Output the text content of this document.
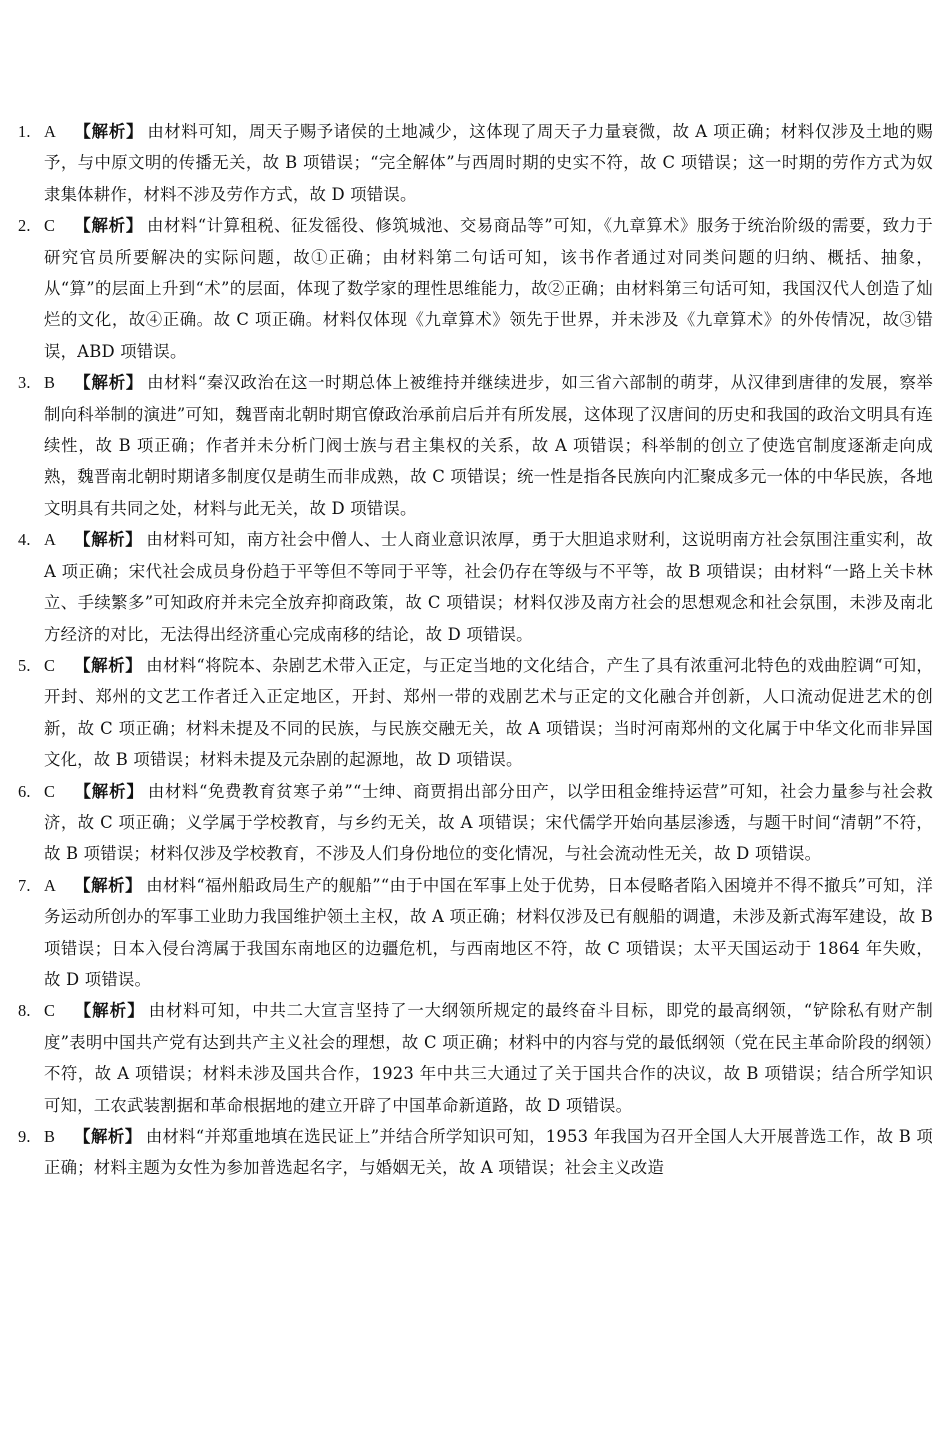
1. A 【解析】 由材料可知，周天子赐予诸侯的土地减少，这体现了周天子力量衰微，故 A 项正确；材料仅涉及土地的赐予，与中原文明的传播无关，故 B 项错误；“完全解体”与西周时期的史实不符，故 C 项错误；这一时期的劳作方式为奴隶集体耕作，材料不涉及劳作方式，故 D 项错误。
2. C 【解析】 由材料“计算租税、征发徭役、修筑城池、交易商品等”可知，《九章算术》服务于统治阶级的需要，致力于研究官员所要解决的实际问题，故①正确；由材料第二句话可知，该书作者通过对同类问题的归纳、概括、抽象，从“算”的层面上升到“术”的层面，体现了数学家的理性思维能力，故②正确；由材料第三句话可知，我国汉代人创造了灿烂的文化，故④正确。故 C 项正确。材料仅体现《九章算术》领先于世界，并未涉及《九章算术》的外传情况，故③错误，ABD 项错误。
3. B 【解析】 由材料“秦汉政治在这一时期总体上被维持并继续进步，如三省六部制的萌芽，从汉律到唐律的发展，察举制向科举制的演进”可知，魏晋南北朝时期官僚政治承前启后并有所发展，这体现了汉唐间的历史和我国的政治文明具有连续性，故 B 项正确；作者并未分析门阀士族与君主集权的关系，故 A 项错误；科举制的创立了使选官制度逐渐走向成熟，魏晋南北朝时期诸多制度仅是萌生而非成熟，故 C 项错误；统一性是指各民族向内汇聚成多元一体的中华民族，各地文明具有共同之处，材料与此无关，故 D 项错误。
4. A 【解析】 由材料可知，南方社会中僧人、士人商业意识浓厚，勇于大胆追求财利，这说明南方社会氛围注重实利，故 A 项正确；宋代社会成员身份趋于平等但不等同于平等，社会仍存在等级与不平等，故 B 项错误；由材料“一路上关卡林立、手续繁多”可知政府并未完全放弃抑商政策，故 C 项错误；材料仅涉及南方社会的思想观念和社会氛围，未涉及南北方经济的对比，无法得出经济重心完成南移的结论，故 D 项错误。
5. C 【解析】 由材料“将院本、杂剧艺术带入正定，与正定当地的文化结合，产生了具有浓重河北特色的戏曲腔调“可知，开封、郑州的文艺工作者迁入正定地区，开封、郑州一带的戏剧艺术与正定的文化融合并创新，人口流动促进艺术的创新，故 C 项正确；材料未提及不同的民族，与民族交融无关，故 A 项错误；当时河南郑州的文化属于中华文化而非异国文化，故 B 项错误；材料未提及元杂剧的起源地，故 D 项错误。
6. C 【解析】 由材料“免费教育贫寒子弟”“士绅、商贾捐出部分田产，以学田租金维持运营”可知，社会力量参与社会救济，故 C 项正确；义学属于学校教育，与乡约无关，故 A 项错误；宋代儒学开始向基层渗透，与题干时间“清朝”不符，故 B 项错误；材料仅涉及学校教育，不涉及人们身份地位的变化情况，与社会流动性无关，故 D 项错误。
7. A 【解析】 由材料“福州船政局生产的舰船”“由于中国在军事上处于优势，日本侵略者陷入困境并不得不撤兵”可知，洋务运动所创办的军事工业助力我国维护领土主权，故 A 项正确；材料仅涉及已有舰船的调遣，未涉及新式海军建设，故 B 项错误；日本入侵台湾属于我国东南地区的边疆危机，与西南地区不符，故 C 项错误；太平天国运动于 1864 年失败，故 D 项错误。
8. C 【解析】 由材料可知，中共二大宣言坚持了一大纲领所规定的最终奋斗目标，即党的最高纲领，“铲除私有财产制度”表明中国共产党有达到共产主义社会的理想，故 C 项正确；材料中的内容与党的最低纲领（党在民主革命阶段的纲领）不符，故 A 项错误；材料未涉及国共合作，1923 年中共三大通过了关于国共合作的决议，故 B 项错误；结合所学知识可知，工农武装割据和革命根据地的建立开辟了中国革命新道路，故 D 项错误。
9. B 【解析】 由材料“并郑重地填在选民证上”并结合所学知识可知，1953 年我国为召开全国人大开展普选工作，故 B 项正确；材料主题为女性为参加普选起名字，与婚姻无关，故 A 项错误；社会主义改造
